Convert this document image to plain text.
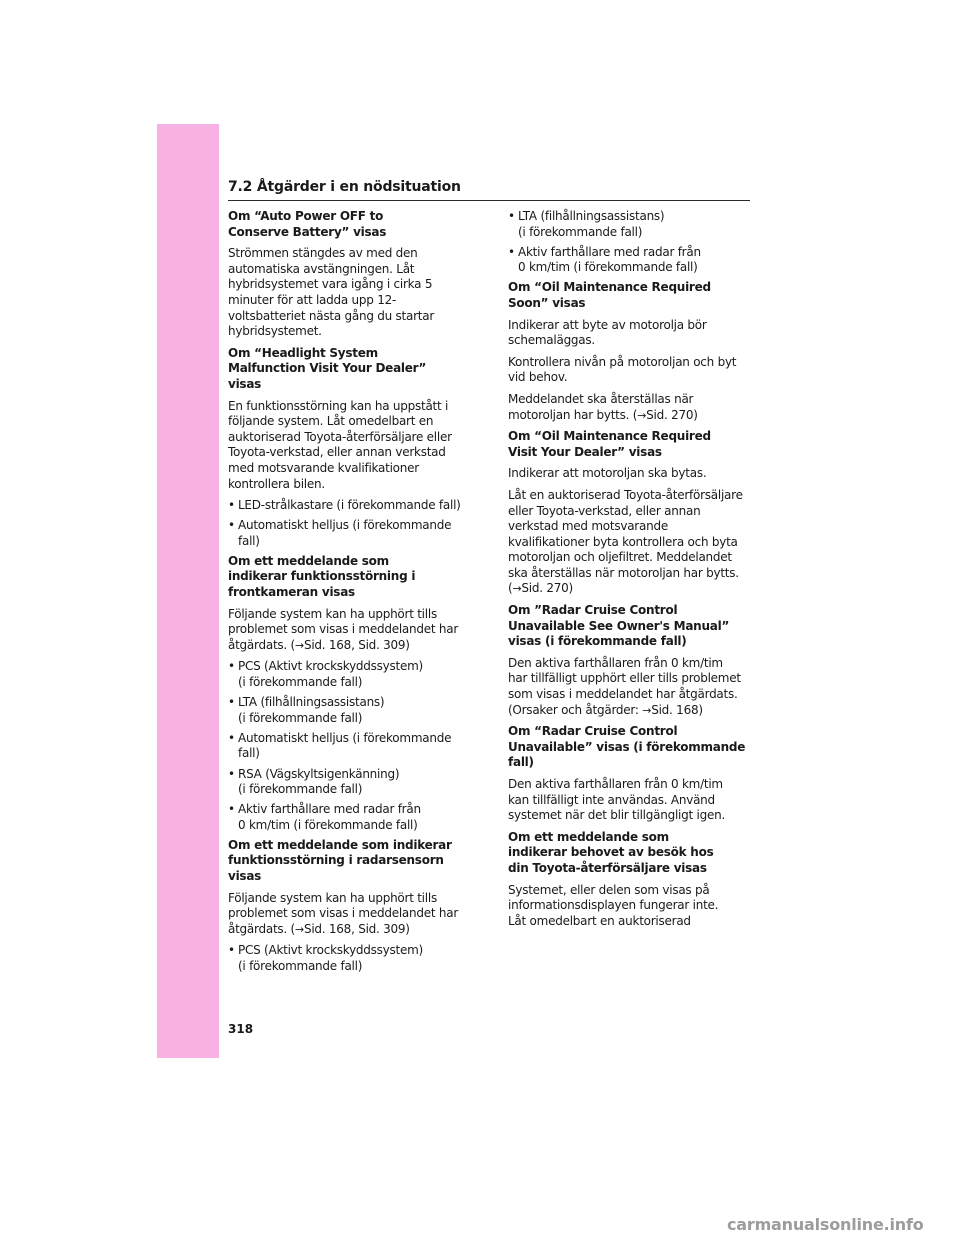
7.2 Åtgärder i en nödsituation
Om “Auto Power OFF to Conserve Battery” visas
Strömmen stängdes av med den automatiska avstängningen. Låt hybridsystemet vara igång i cirka 5 minuter för att ladda upp 12-voltsbatteriet nästa gång du startar hybridsystemet.
Om “Headlight System Malfunction Visit Your Dealer” visas
En funktionsstörning kan ha uppstått i följande system. Låt omedelbart en auktoriserad Toyota-återförsäljare eller Toyota-verkstad, eller annan verkstad med motsvarande kvalifikationer kontrollera bilen.
• LED-strålkastare (i förekommande fall)
• Automatiskt helljus (i förekommande fall)
Om ett meddelande som indikerar funktionsstörning i frontkameran visas
Följande system kan ha upphört tills problemet som visas i meddelandet har åtgärdats. (→Sid. 168, Sid. 309)
• PCS (Aktivt krockskyddssystem)
(i förekommande fall)
• LTA (filhållningsassistans)
(i förekommande fall)
• Automatiskt helljus (i förekommande fall)
• RSA (Vägskyltsigenkänning)
(i förekommande fall)
• Aktiv farthållare med radar från
0 km/tim (i förekommande fall)
Om ett meddelande som indikerar funktionsstörning i radarsensorn visas
Följande system kan ha upphört tills problemet som visas i meddelandet har åtgärdats. (→Sid. 168, Sid. 309)
• PCS (Aktivt krockskyddssystem)
(i förekommande fall)
• LTA (filhållningsassistans)
(i förekommande fall)
• Aktiv farthållare med radar från
0 km/tim (i förekommande fall)
Om “Oil Maintenance Required Soon” visas
Indikerar att byte av motorolja bör schemaläggas.
Kontrollera nivån på motoroljan och byt vid behov.
Meddelandet ska återställas när motoroljan har bytts. (→Sid. 270)
Om “Oil Maintenance Required Visit Your Dealer” visas
Indikerar att motoroljan ska bytas.
Låt en auktoriserad Toyota-återförsäljare eller Toyota-verkstad, eller annan verkstad med motsvarande kvalifikationer byta kontrollera och byta motoroljan och oljefiltret. Meddelandet ska återställas när motoroljan har bytts. (→Sid. 270)
Om ”Radar Cruise Control Unavailable See Owner's Manual” visas (i förekommande fall)
Den aktiva farthållaren från 0 km/tim har tillfälligt upphört eller tills problemet som visas i meddelandet har åtgärdats. (Orsaker och åtgärder: →Sid. 168)
Om “Radar Cruise Control Unavailable” visas (i förekommande fall)
Den aktiva farthållaren från 0 km/tim kan tillfälligt inte användas. Använd systemet när det blir tillgängligt igen.
Om ett meddelande som indikerar behovet av besök hos din Toyota-återförsäljare visas
Systemet, eller delen som visas på informationsdisplayen fungerar inte. Låt omedelbart en auktoriserad
318
carmanualsonline.info
